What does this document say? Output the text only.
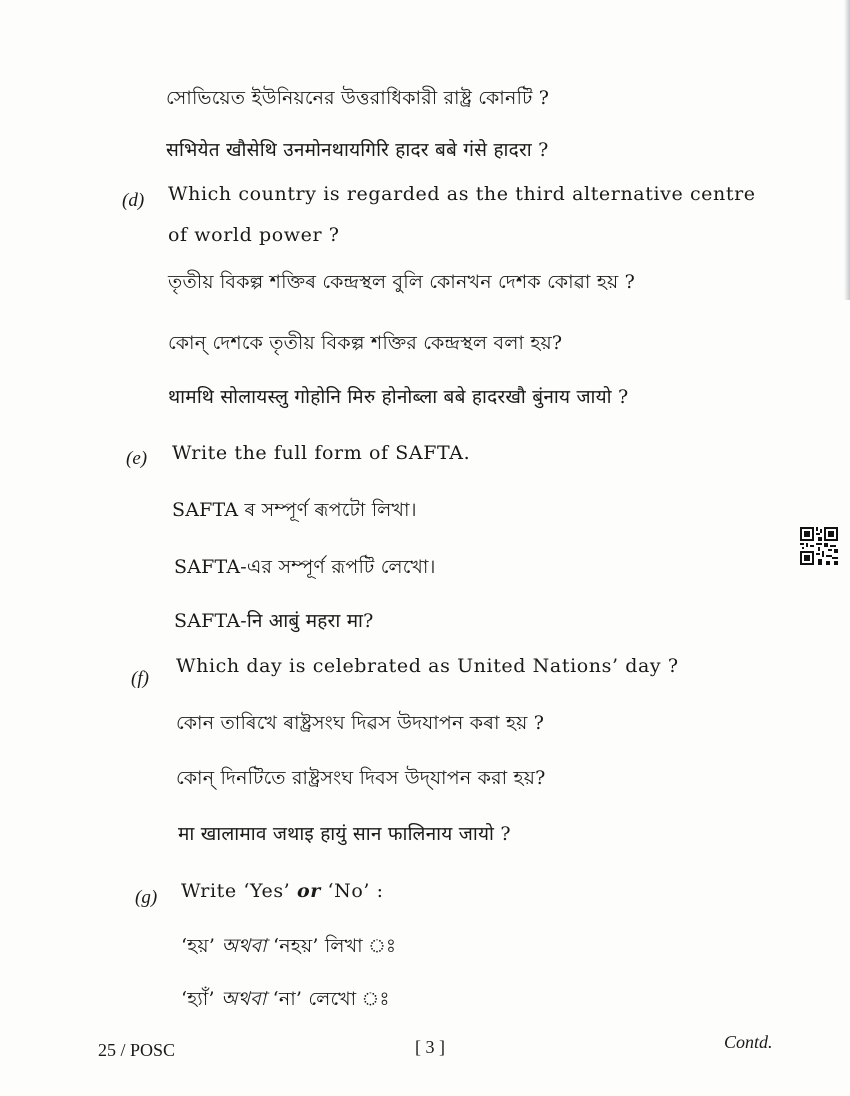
সোভিয়েত ইউনিয়নের উত্তরাধিকারী রাষ্ট্র কোনটি ?
सभियेत खौसेथि उनमोनथायगिरि हादर बबे गंसे हादरा ?
(d) Which country is regarded as the third alternative centre
of world power ?
তৃতীয় বিকল্প শক্তিৰ কেন্দ্ৰস্থল বুলি কোনখন দেশক কোৱা হয় ?
কোন্ দেশকে তৃতীয় বিকল্প শক্তির কেন্দ্রস্থল বলা হয়?
थामथि सोलायस्लु गोहोनि मिरु होनोब्ला बबे हादरखौ बुंनाय जायो ?
(e) Write the full form of SAFTA.
SAFTA ৰ সম্পূৰ্ণ ৰূপটো লিখা।
SAFTA-এর সম্পূর্ণ রূপটি লেখো।
SAFTA-नि आबुं महरा मा?
(f)
Which day is celebrated as United Nations’ day ?
কোন তাৰিখে ৰাষ্ট্ৰসংঘ দিৱস উদযাপন কৰা হয় ?
কোন্ দিনটিতে রাষ্ট্রসংঘ দিবস উদ্‌যাপন করা হয়?
मा खालामाव जथाइ हायुं सान फालिनाय जायो ?
(g) Write ‘Yes’ or ‘No’ :
‘হয়’ অথবা ‘নহয়’ লিখা ঃ
‘হ্যাঁ’ অথবা ‘না’ লেখো ঃ
25 / POSC	[ 3 ]	Contd.
